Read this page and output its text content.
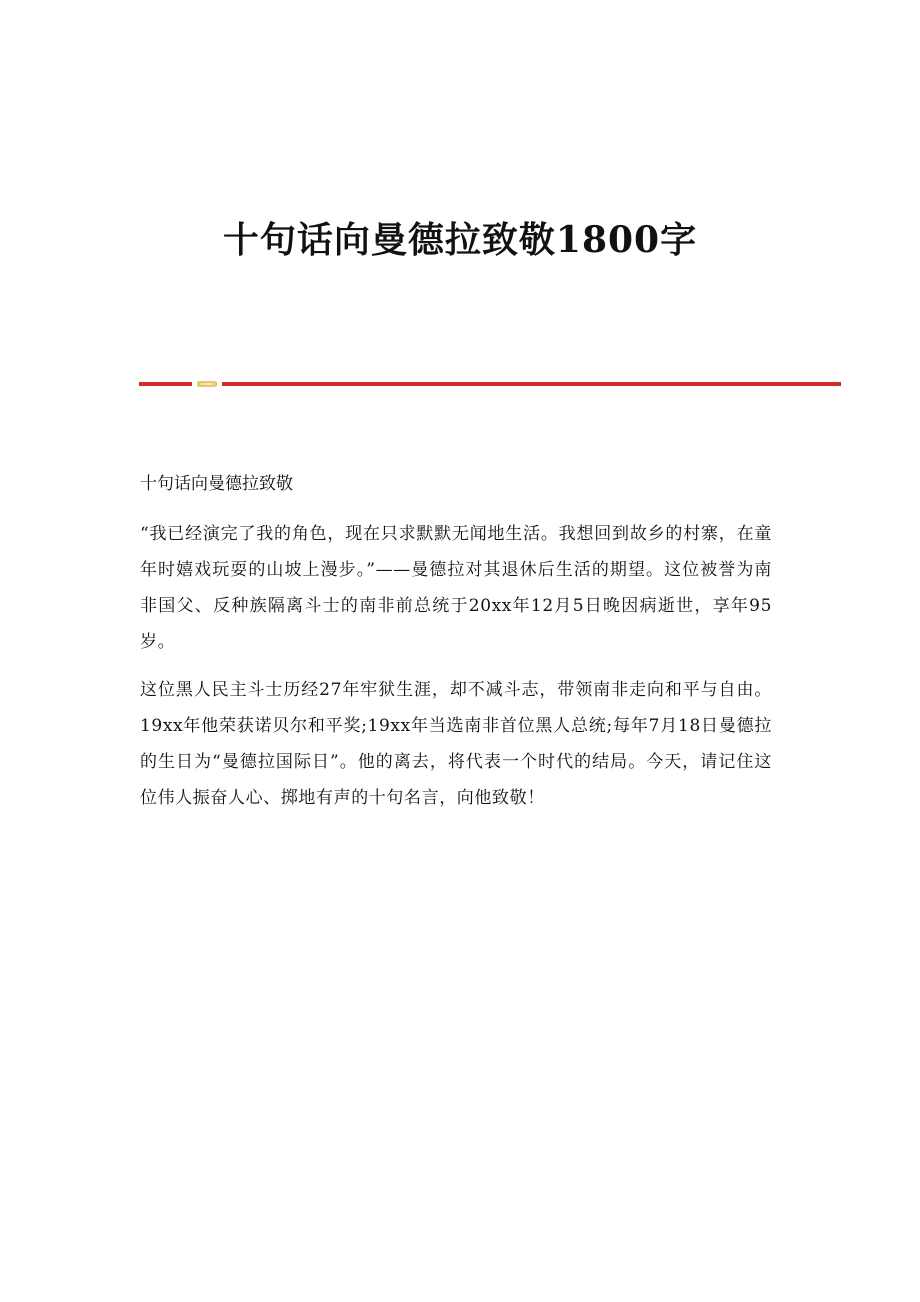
十句话向曼德拉致敬1800字

十句话向曼德拉致敬

“我已经演完了我的角色，现在只求默默无闻地生活。我想回到故乡的村寨，在童年时嬉戏玩耍的山坡上漫步。”——曼德拉对其退休后生活的期望。这位被誉为南非国父、反种族隔离斗士的南非前总统于20xx年12月5日晚因病逝世，享年95岁。

这位黑人民主斗士历经27年牢狱生涯，却不减斗志，带领南非走向和平与自由。19xx年他荣获诺贝尔和平奖;19xx年当选南非首位黑人总统;每年7月18日曼德拉的生日为“曼德拉国际日”。他的离去，将代表一个时代的结局。今天，请记住这位伟人振奋人心、掷地有声的十句名言，向他致敬！
